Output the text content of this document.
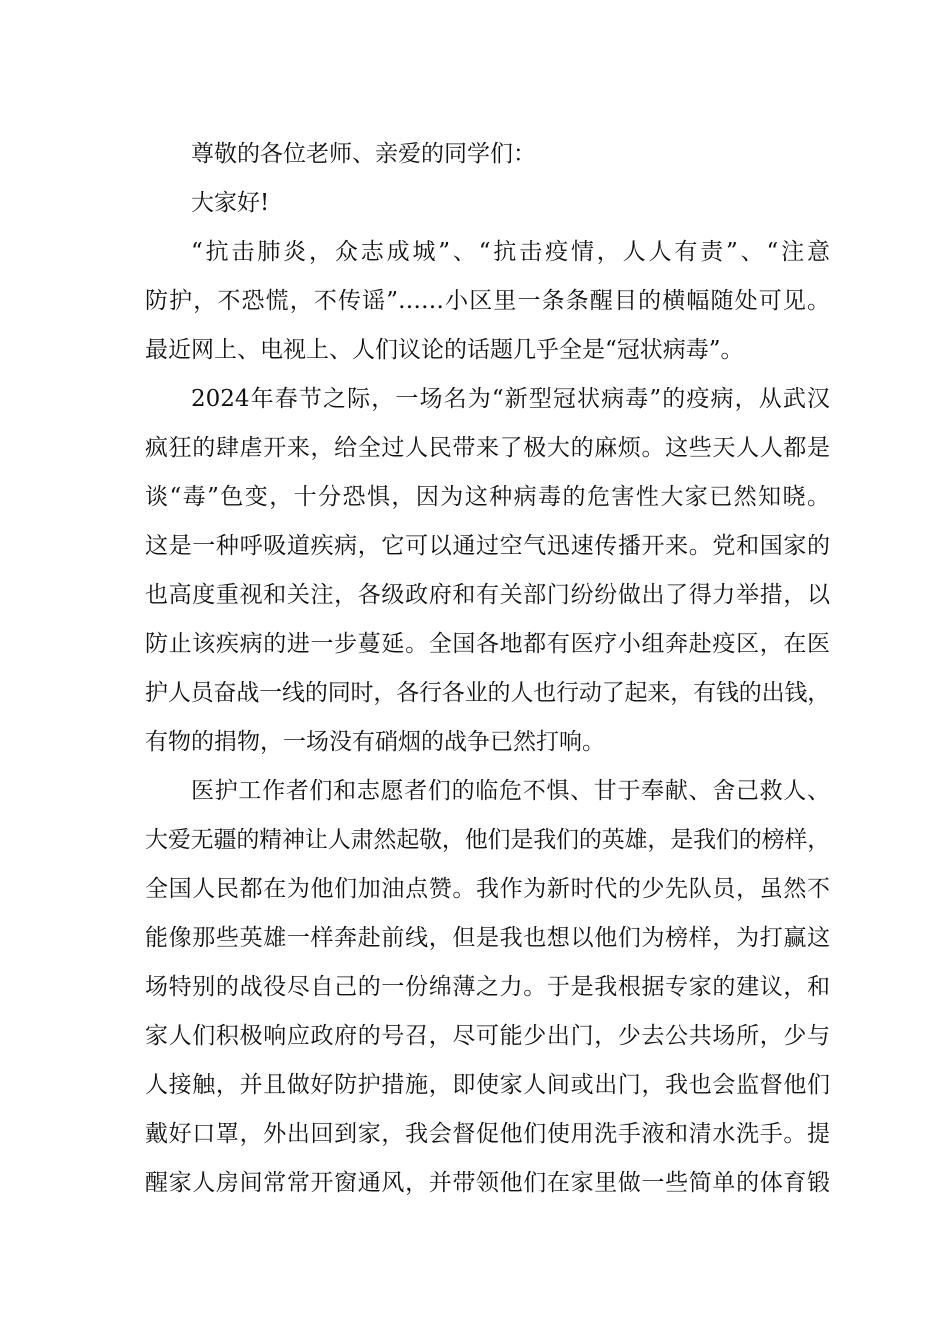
尊敬的各位老师、亲爱的同学们：
大家好!
“抗击肺炎，众志成城”、“抗击疫情，人人有责”、“注意
防护，不恐慌，不传谣”……小区里一条条醒目的横幅随处可见。
最近网上、电视上、人们议论的话题几乎全是“冠状病毒”。
2024年春节之际，一场名为“新型冠状病毒”的疫病，从武汉
疯狂的肆虐开来，给全过人民带来了极大的麻烦。这些天人人都是
谈“毒”色变，十分恐惧，因为这种病毒的危害性大家已然知晓。
这是一种呼吸道疾病，它可以通过空气迅速传播开来。党和国家的
也高度重视和关注，各级政府和有关部门纷纷做出了得力举措，以
防止该疾病的进一步蔓延。全国各地都有医疗小组奔赴疫区，在医
护人员奋战一线的同时，各行各业的人也行动了起来，有钱的出钱，
有物的捐物，一场没有硝烟的战争已然打响。
医护工作者们和志愿者们的临危不惧、甘于奉献、舍己救人、
大爱无疆的精神让人肃然起敬，他们是我们的英雄，是我们的榜样，
全国人民都在为他们加油点赞。我作为新时代的少先队员，虽然不
能像那些英雄一样奔赴前线，但是我也想以他们为榜样，为打赢这
场特别的战役尽自己的一份绵薄之力。于是我根据专家的建议，和
家人们积极响应政府的号召，尽可能少出门，少去公共场所，少与
人接触，并且做好防护措施，即使家人间或出门，我也会监督他们
戴好口罩，外出回到家，我会督促他们使用洗手液和清水洗手。提
醒家人房间常常开窗通风，并带领他们在家里做一些简单的体育锻
